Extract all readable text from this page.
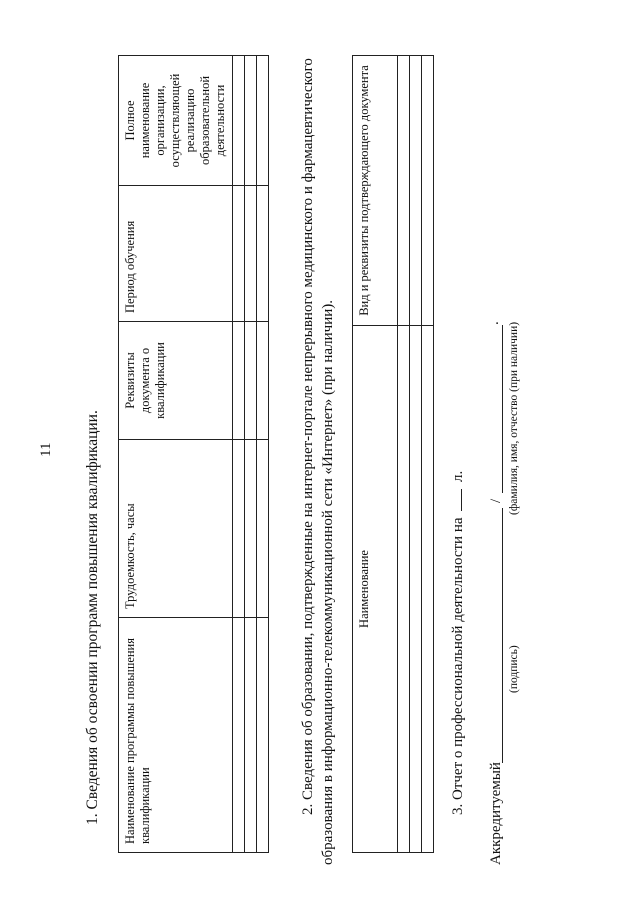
11 1. Сведения об освоении программ повышения квалификации. Наименование программы повышения квалификации	Трудоемкость, часы	Реквизиты документа о квалификации	Период обучения	Полное наименование организации, осуществляющей реализацию образовательной деятельности

					2. Сведения об образовании, подтвержденные на интернет-портале непрерывного медицинского и фармацевтического образования в информационно-телекоммуникационной сети «Интернет» (при наличии). Наименование	Вид и реквизиты подтверждающего документа

3. Отчет о профессиональной деятельности на  л.
Аккредитуемый
/
.
(подпись)
(фамилия, имя, отчество (при наличии)
